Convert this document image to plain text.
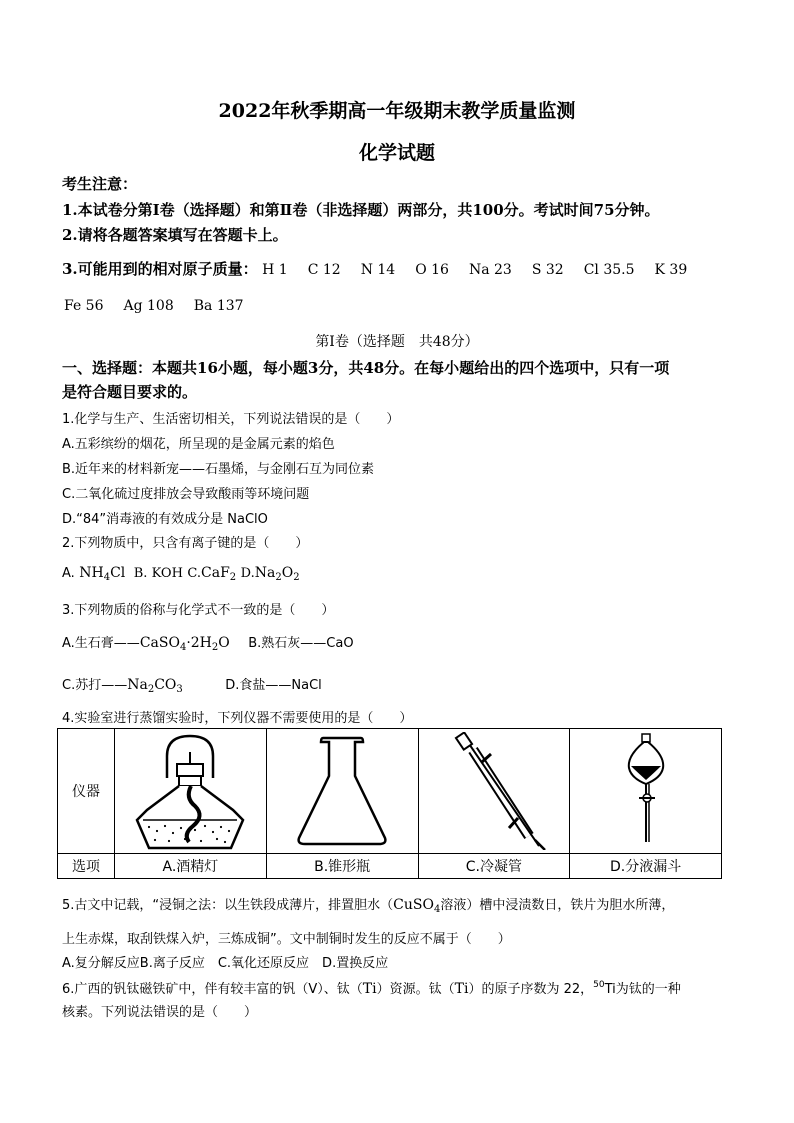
2022年秋季期高一年级期末教学质量监测
化学试题
考生注意：
1.本试卷分第Ⅰ卷（选择题）和第Ⅱ卷（非选择题）两部分，共100分。考试时间75分钟。
2.请将各题答案填写在答题卡上。
3.可能用到的相对原子质量： H 1 C 12 N 14 O 16 Na 23 S 32 Cl 35.5 K 39
Fe 56 Ag 108 Ba 137
第Ⅰ卷（选择题　共48分）
一、选择题：本题共16小题，每小题3分，共48分。在每小题给出的四个选项中，只有一项
是符合题目要求的。
1.化学与生产、生活密切相关，下列说法错误的是（　　）
A.五彩缤纷的烟花，所呈现的是金属元素的焰色
B.近年来的材料新宠——石墨烯，与金刚石互为同位素
C.二氧化硫过度排放会导致酸雨等环境问题
D.“84”消毒液的有效成分是 NaClO
2.下列物质中，只含有离子键的是（　　）
A. $NH_4Cl$ B. KOH C.CaF$_2$ $D.Na_2O_2$
3.下列物质的俗称与化学式不一致的是（　　）
A.生石膏$——CaSO_4\cdot 2H_2O$ B.熟石灰——CaO
C.苏打$——Na_2CO_3$	D.食盐——NaCl
4.实验室进行蒸馏实验时，下列仪器不需要使用的是（　　）
仪器	

选项	A.酒精灯	B.锥形瓶	C.冷凝管	D.分液漏斗
5.古文中记载，“浸铜之法：以生铁段成薄片，排置胆水（CuSO$_4$溶液）槽中浸渍数日，铁片为胆水所薄，
上生赤煤，取刮铁煤入炉，三炼成铜”。文中制铜时发生的反应不属于（　　）
A.复分解反应B.离子反应　C.氧化还原反应　D.置换反应
6.广西的钒钛磁铁矿中，伴有较丰富的钒（V）、钛（Ti）资源。钛（Ti）的原子序数为 22，$^{50}$Ti为钛的一种
核素。下列说法错误的是（　　）
